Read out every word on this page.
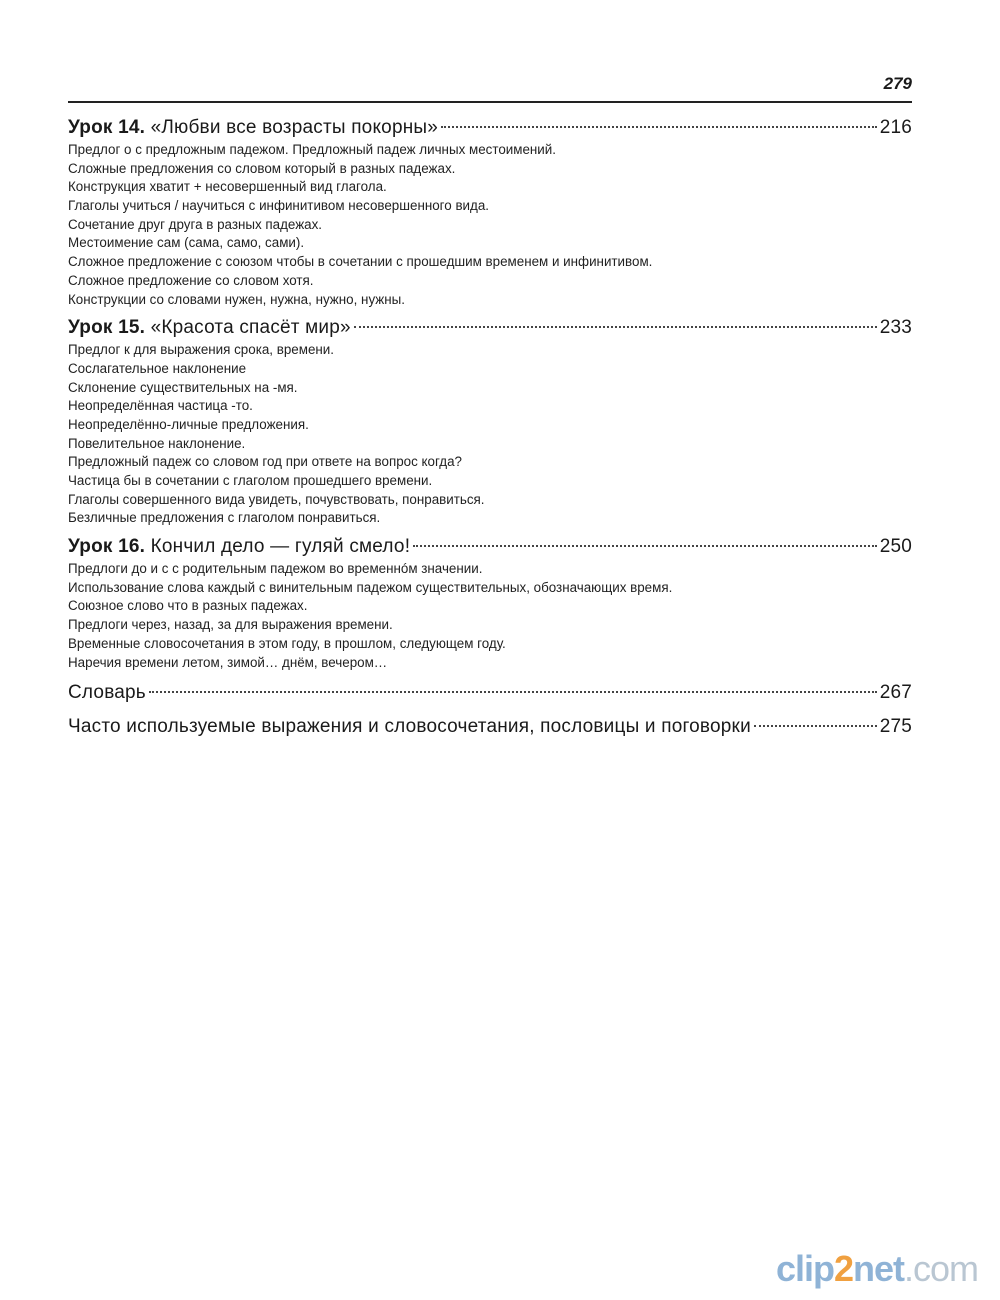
279
Урок 14. «Любви все возрасты покорны»	216
Предлог о с предложным падежом. Предложный падеж личных местоимений.
Сложные предложения со словом который в разных падежах.
Конструкция хватит + несовершенный вид глагола.
Глаголы учиться / научиться с инфинитивом несовершенного вида.
Сочетание друг друга в разных падежах.
Местоимение сам (сама, само, сами).
Сложное предложение с союзом чтобы в сочетании с прошедшим временем и инфинитивом.
Сложное предложение со словом хотя.
Конструкции со словами нужен, нужна, нужно, нужны.
Урок 15. «Красота спасёт мир»	233
Предлог к для выражения срока, времени.
Сослагательное наклонение
Склонение существительных на -мя.
Неопределённая частица -то.
Неопределённо-личные предложения.
Повелительное наклонение.
Предложный падеж со словом год при ответе на вопрос когда?
Частица бы в сочетании с глаголом прошедшего времени.
Глаголы совершенного вида увидеть, почувствовать, понравиться.
Безличные предложения с глаголом понравиться.
Урок 16. Кончил дело — гуляй смело!	250
Предлоги до и с с родительным падежом во временнóм значении.
Использование слова каждый с винительным падежом существительных, обозначающих время.
Союзное слово что в разных падежах.
Предлоги через, назад, за для выражения времени.
Временные словосочетания в этом году, в прошлом, следующем году.
Наречия времени летом, зимой… днём, вечером…
Словарь	267
Часто используемые выражения и словосочетания, пословицы и поговорки	275
clip2net.com
